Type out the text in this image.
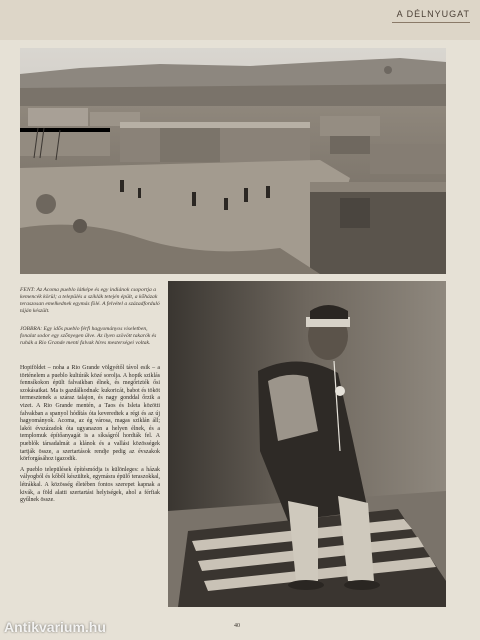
A DÉLNYUGAT
FENT: Az Acoma pueblo látképe és egy indiánok csoportja a kemencék körül; a település a sziklák tetején épült, a kőházak teraszosan emelkednek egymás fölé. A felvétel a századforduló táján készült.
JOBBRA: Egy idős pueblo férfi hagyományos viseletben, fonalat sodor egy szőnyegen ülve. Az ilyen szövött takarók és ruhák a Rio Grande menti falvak híres mesterségei voltak.

Hopiföldet – noha a Rio Grande völgyétől távol esik – a történelem a pueblo kultúrák közé sorolja. A hopik sziklás fennsíkokon épült falvaikban élnek, és megőrizték ősi szokásaikat. Ma is gazdálkodnak: kukoricát, babot és tököt termesztenek a száraz talajon, és nagy gonddal őrzik a vizet. A Rio Grande mentén, a Taos és Isleta közötti falvakban a spanyol hódítás óta keveredtek a régi és az új hagyományok. Acoma, az ég városa, magas sziklán áll; lakói évszázadok óta ugyanazon a helyen élnek, és a templomuk építőanyagát is a síkságról hordták fel. A pueblók társadalmát a klánok és a vallási közösségek tartják össze, a szertartások rendje pedig az évszakok körforgásához igazodik.

A pueblo települések építésmódja is különleges: a házak vályogból és kőből készültek, egymásra épülő teraszokkal, létrákkal. A közösség életében fontos szerepet kapnak a kivák, a föld alatti szertartási helyiségek, ahol a férfiak gyűlnek össze.

40
Antikvarium.hu
